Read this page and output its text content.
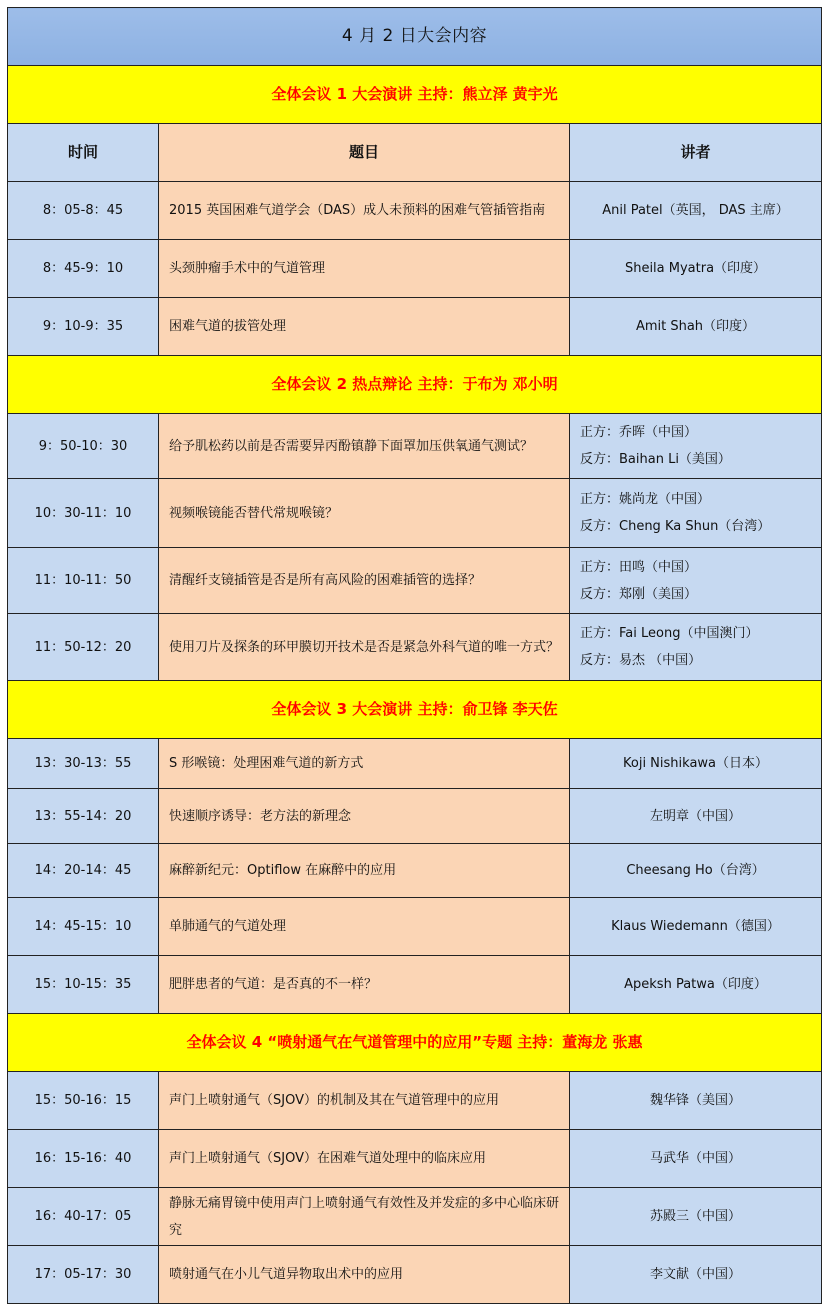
4 月 2 日大会内容		
全体会议 1 大会演讲 主持：熊立泽 黄宇光		
时间	题目	讲者
8：05-8：45	2015 英国困难气道学会（DAS）成人未预料的困难气管插管指南	Anil Patel（英国， DAS 主席）
8：45-9：10	头颈肿瘤手术中的气道管理	Sheila Myatra（印度）
9：10-9：35	困难气道的拔管处理	Amit Shah（印度）
全体会议 2 热点辩论 主持：于布为 邓小明		
9：50-10：30	给予肌松药以前是否需要异丙酚镇静下面罩加压供氧通气测试？	正方：乔晖（中国）
反方：Baihan Li（美国）

10：30-11：10	视频喉镜能否替代常规喉镜？	正方：姚尚龙（中国）
反方：Cheng Ka Shun（台湾）

11：10-11：50	清醒纤支镜插管是否是所有高风险的困难插管的选择？	正方：田鸣（中国）
反方：郑刚（美国）

11：50-12：20	使用刀片及探条的环甲膜切开技术是否是紧急外科气道的唯一方式？	正方：Fai Leong（中国澳门）
反方：易杰 （中国）

全体会议 3 大会演讲 主持：俞卫锋 李天佐		
13：30-13：55	S 形喉镜：处理困难气道的新方式	Koji Nishikawa（日本）
13：55-14：20	快速顺序诱导：老方法的新理念	左明章（中国）
14：20-14：45	麻醉新纪元：Optiflow 在麻醉中的应用	Cheesang Ho（台湾）
14：45-15：10	单肺通气的气道处理	Klaus Wiedemann（德国）
15：10-15：35	肥胖患者的气道：是否真的不一样？	Apeksh Patwa（印度）
全体会议 4 “喷射通气在气道管理中的应用”专题 主持：董海龙 张惠		
15：50-16：15	声门上喷射通气（SJOV）的机制及其在气道管理中的应用	魏华锋（美国）
16：15-16：40	声门上喷射通气（SJOV）在困难气道处理中的临床应用	马武华（中国）
16：40-17：05	静脉无痛胃镜中使用声门上喷射通气有效性及并发症的多中心临床研究	苏殿三（中国）
17：05-17：30	喷射通气在小儿气道异物取出术中的应用	李文献（中国）
